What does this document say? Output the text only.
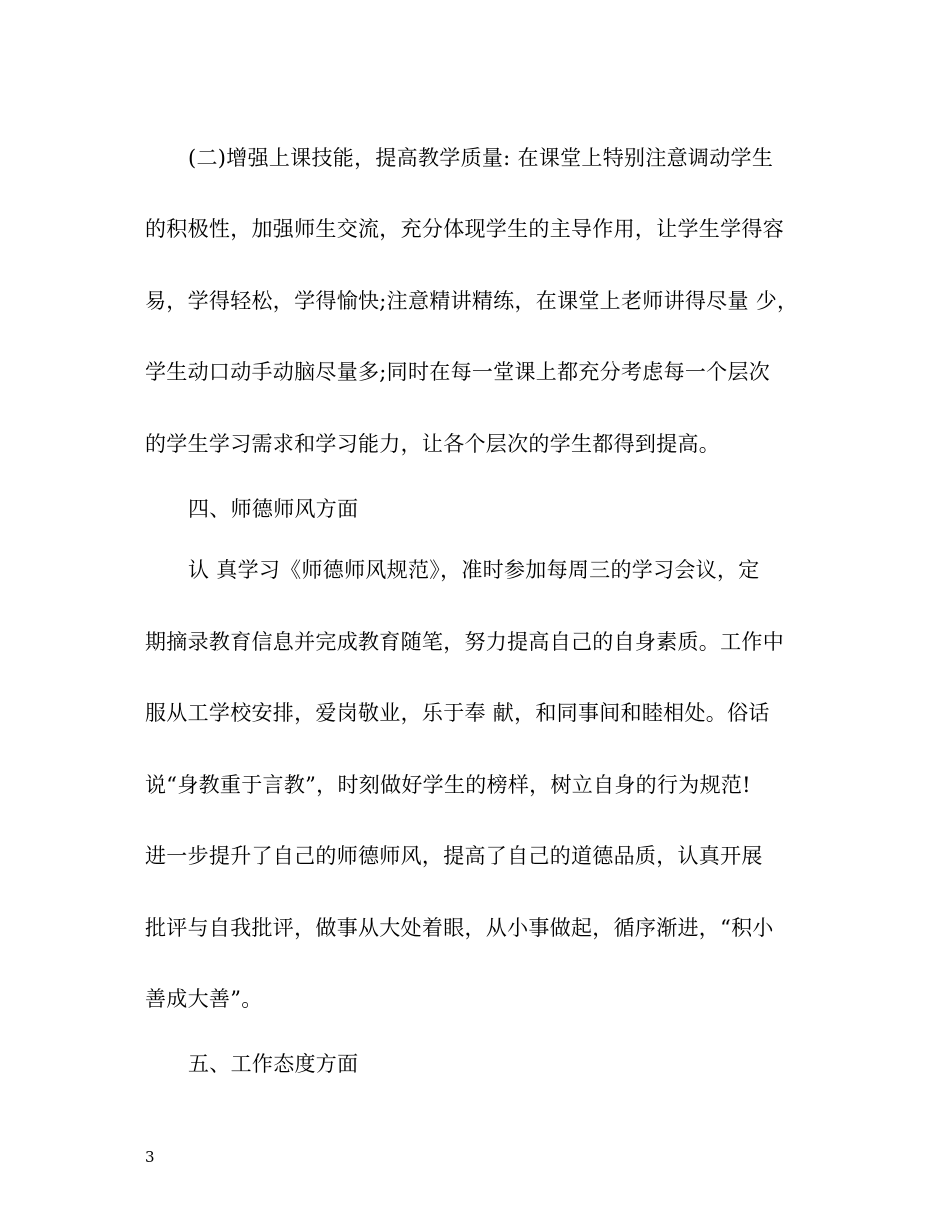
(二)增强上课技能，提高教学质量: 在课堂上特别注意调动学生
的积极性，加强师生交流，充分体现学生的主导作用，让学生学得容
易，学得轻松，学得愉快;注意精讲精练，在课堂上老师讲得尽量 少，
学生动口动手动脑尽量多;同时在每一堂课上都充分考虑每一个层次
的学生学习需求和学习能力，让各个层次的学生都得到提高。
四、师德师风方面
认 真学习《师德师风规范》，准时参加每周三的学习会议，定
期摘录教育信息并完成教育随笔，努力提高自己的自身素质。工作中
服从工学校安排，爱岗敬业，乐于奉 献，和同事间和睦相处。俗话
说“身教重于言教”，时刻做好学生的榜样，树立自身的行为规范!
进一步提升了自己的师德师风，提高了自己的道德品质，认真开展
批评与自我批评，做事从大处着眼，从小事做起，循序渐进，“积小
善成大善”。
五、工作态度方面
3
